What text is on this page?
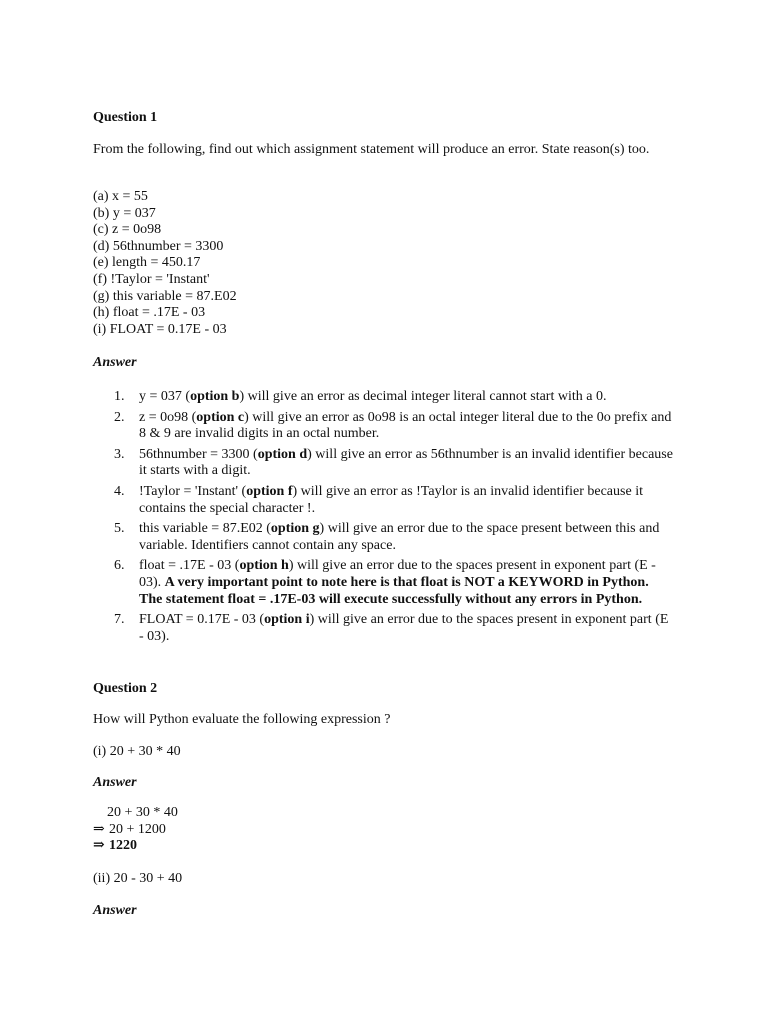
Question 1
From the following, find out which assignment statement will produce an error. State reason(s) too.
(a) x = 55
(b) y = 037
(c) z = 0o98
(d) 56thnumber = 3300
(e) length = 450.17
(f) !Taylor = 'Instant'
(g) this variable = 87.E02
(h) float = .17E - 03
(i) FLOAT = 0.17E - 03
Answer
1. y = 037 (option b) will give an error as decimal integer literal cannot start with a 0.
2. z = 0o98 (option c) will give an error as 0o98 is an octal integer literal due to the 0o prefix and 8 & 9 are invalid digits in an octal number.
3. 56thnumber = 3300 (option d) will give an error as 56thnumber is an invalid identifier because it starts with a digit.
4. !Taylor = 'Instant' (option f) will give an error as !Taylor is an invalid identifier because it contains the special character !.
5. this variable = 87.E02 (option g) will give an error due to the space present between this and variable. Identifiers cannot contain any space.
6. float = .17E - 03 (option h) will give an error due to the spaces present in exponent part (E - 03). A very important point to note here is that float is NOT a KEYWORD in Python. The statement float = .17E-03 will execute successfully without any errors in Python.
7. FLOAT = 0.17E - 03 (option i) will give an error due to the spaces present in exponent part (E - 03).
Question 2
How will Python evaluate the following expression ?
(i) 20 + 30 * 40
Answer
20 + 30 * 40
⇒ 20 + 1200
⇒ 1220
(ii) 20 - 30 + 40
Answer
